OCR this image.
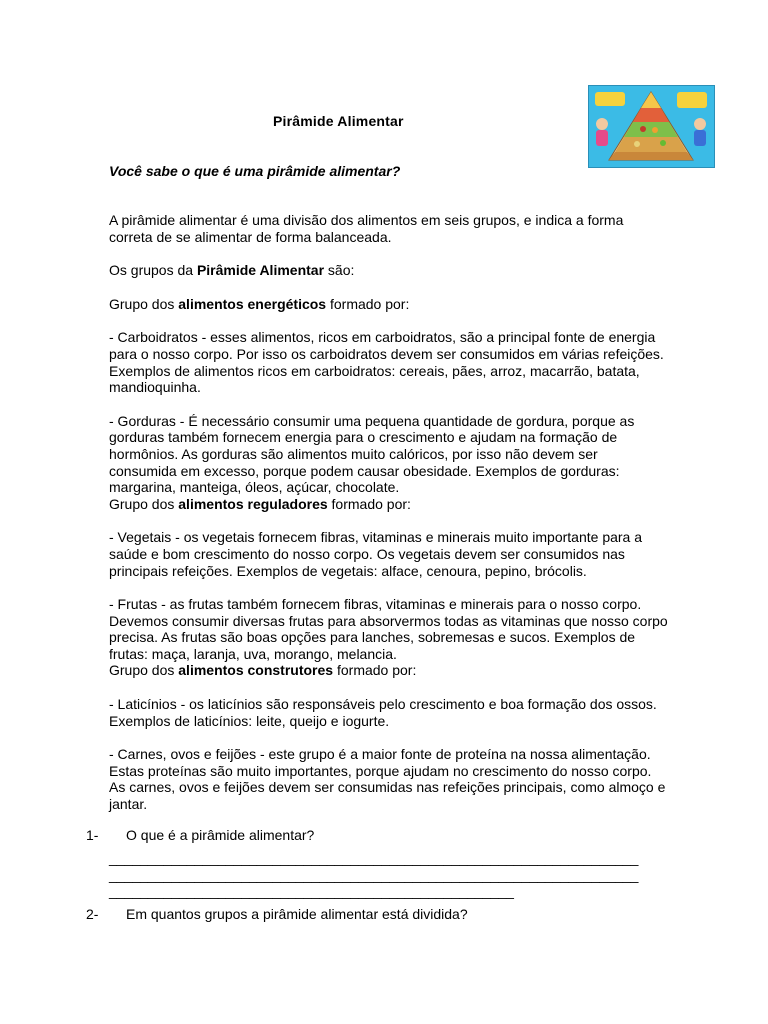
Pirâmide Alimentar
Você sabe o que é uma pirâmide alimentar?

A pirâmide alimentar é uma divisão dos alimentos em seis grupos, e indica a forma correta de se alimentar de forma balanceada.

Os grupos da Pirâmide Alimentar são:

Grupo dos alimentos energéticos formado por:

- Carboidratos - esses alimentos, ricos em carboidratos, são a principal fonte de energia para o nosso corpo. Por isso os carboidratos devem ser consumidos em várias refeições. Exemplos de alimentos ricos em carboidratos: cereais, pães, arroz, macarrão, batata, mandioquinha.

- Gorduras - É necessário consumir uma pequena quantidade de gordura, porque as gorduras também fornecem energia para o crescimento e ajudam na formação de hormônios. As gorduras são alimentos muito calóricos, por isso não devem ser consumida em excesso, porque podem causar obesidade. Exemplos de gorduras: margarina, manteiga, óleos, açúcar, chocolate.

Grupo dos alimentos reguladores formado por:

- Vegetais - os vegetais fornecem fibras, vitaminas e minerais muito importante para a saúde e bom crescimento do nosso corpo. Os vegetais devem ser consumidos nas principais refeições. Exemplos de vegetais: alface, cenoura, pepino, brócolis.

- Frutas - as frutas também fornecem fibras, vitaminas e minerais para o nosso corpo. Devemos consumir diversas frutas para absorvermos todas as vitaminas que nosso corpo precisa. As frutas são boas opções para lanches, sobremesas e sucos. Exemplos de frutas: maça, laranja, uva, morango, melancia.

Grupo dos alimentos construtores formado por:

- Laticínios - os laticínios são responsáveis pelo crescimento e boa formação dos ossos. Exemplos de laticínios: leite, queijo e iogurte.

- Carnes, ovos e feijões - este grupo é a maior fonte de proteína na nossa alimentação. Estas proteínas são muito importantes, porque ajudam no crescimento do nosso corpo. As carnes, ovos e feijões devem ser consumidas nas refeições principais, como almoço e jantar.

1- O que é a pirâmide alimentar?
____________________________________________________________________
____________________________________________________________________
____________________________________________________
2- Em quantos grupos a pirâmide alimentar está dividida?
